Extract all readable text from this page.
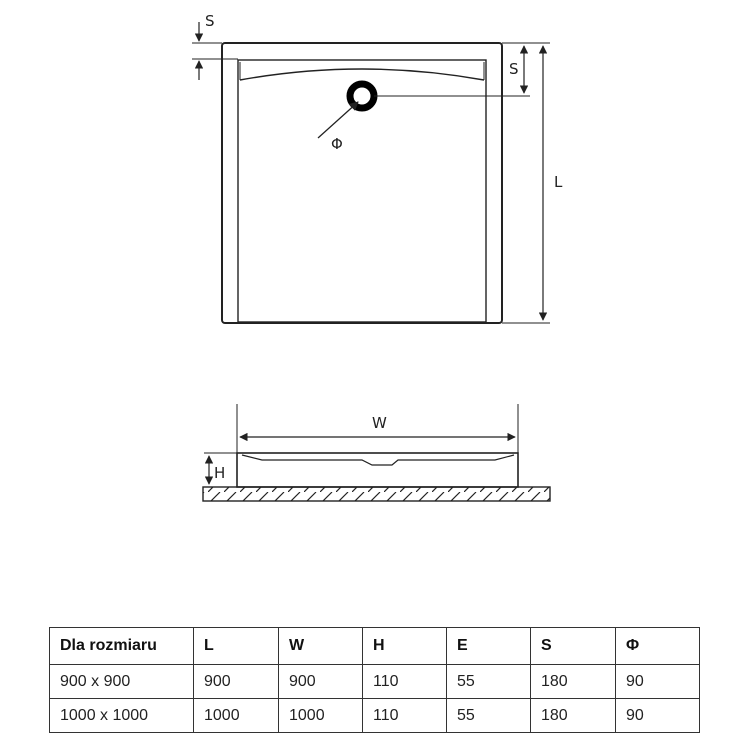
Φ
S
S
L
W
H
Dla rozmiaru	L	W	H	E	S	Φ
900 x 900	900	900	110	55	180	90
1000 x 1000	1000	1000	110	55	180	90
